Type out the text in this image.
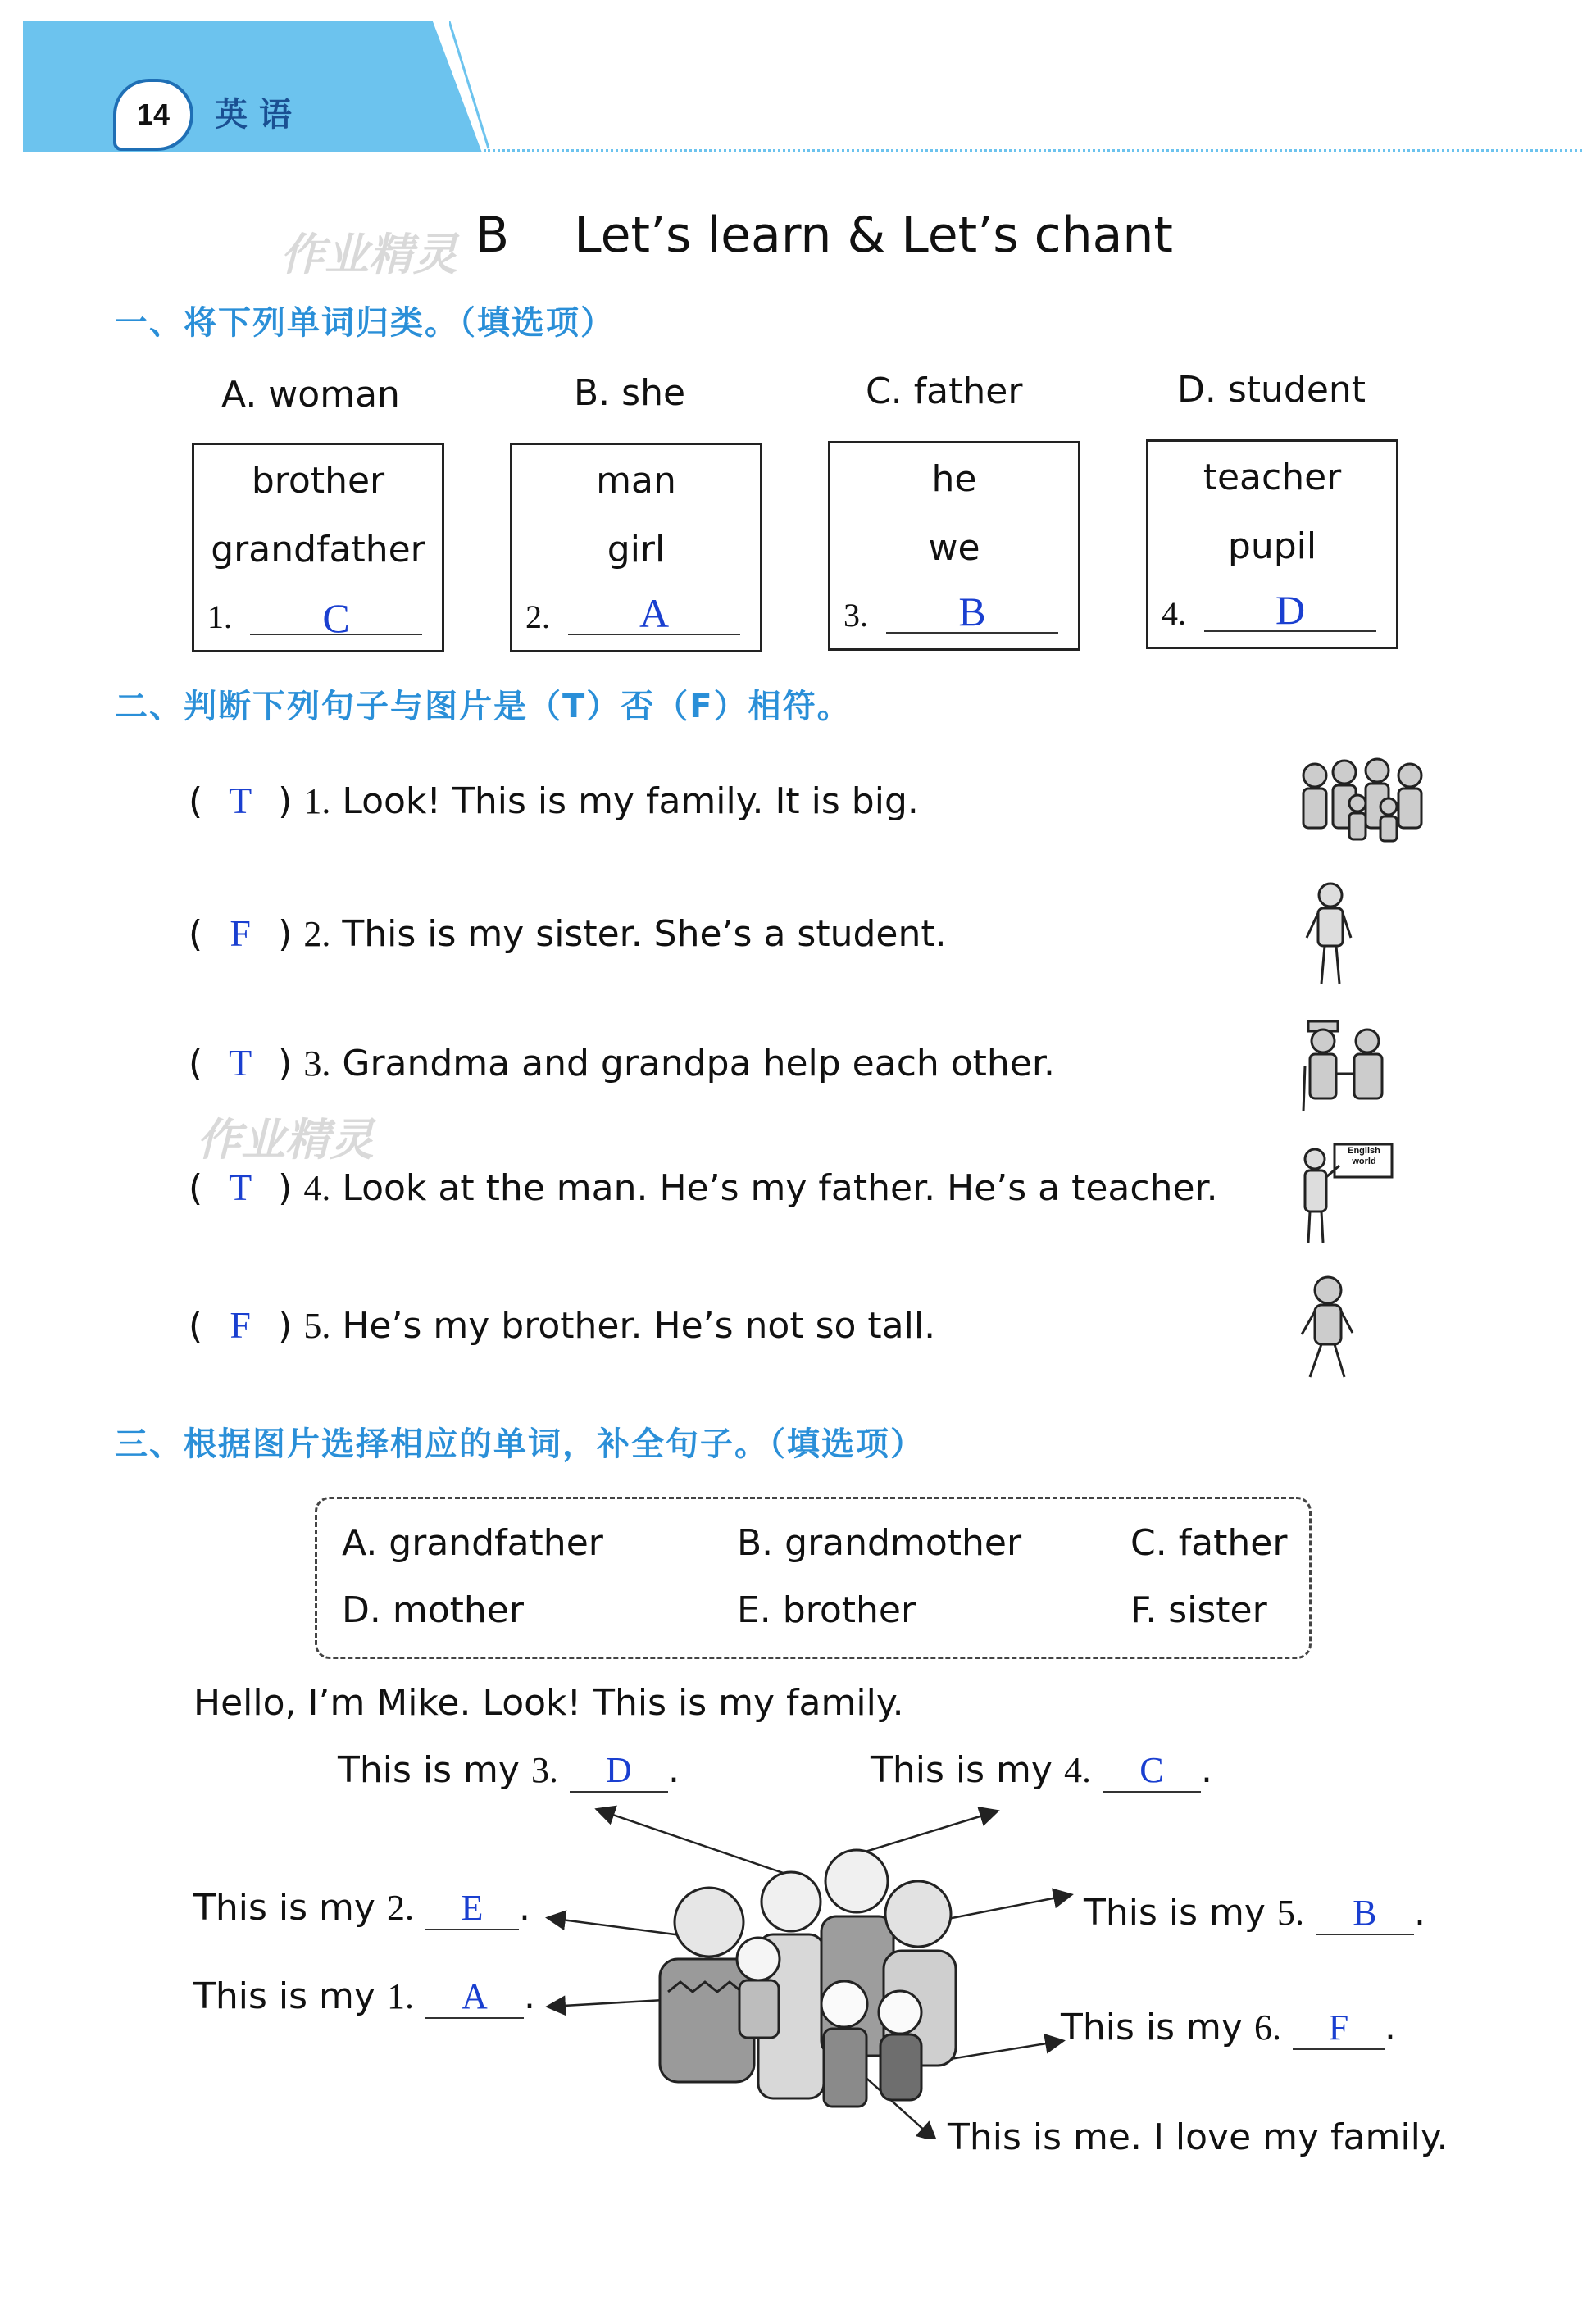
14 英 语
作业精灵
作业精灵
B Let’s learn & Let’s chant
一、将下列单词归类。（填选项）
A. woman	B. she	C. father	D. student
brother
grandfather
1.	C
man
girl
2.	A
he
we
3.	B
teacher
pupil
4.	D
二、判断下列句子与图片是（T）否（F）相符。
( T ) 1. Look! This is my family. It is big.
( F ) 2. This is my sister. She’s a student.
( T ) 3. Grandma and grandpa help each other.
( T ) 4. Look at the man. He’s my father. He’s a teacher.
( F ) 5. He’s my brother. He’s not so tall.
English world
三、根据图片选择相应的单词，补全句子。（填选项）
A. grandfather	B. grandmother	C. father
D. mother	E. brother	F. sister
Hello, I’m Mike. Look! This is my family.
This is my 3. D .	This is my 4. C .
This is my 2. E .	This is my 5. B .
This is my 1. A .
This is my 6. F .
This is me. I love my family.
